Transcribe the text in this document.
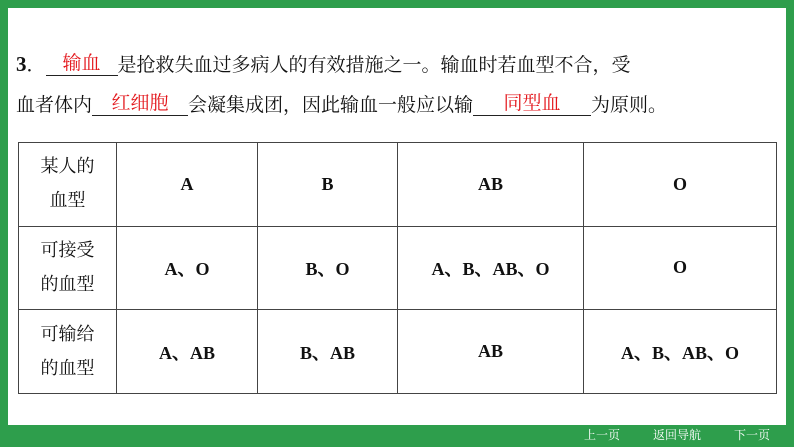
3． 输血 是抢救失血过多病人的有效措施之一。输血时若血型不合，受
血者体内 红细胞 会凝集成团，因此输血一般应以输 同型血 为原则。
某人的
血型	A	B	AB	O
可接受
的血型	A、O	B、O	A、B、AB、O	O
可输给
的血型	A、AB	B、AB	AB	A、B、AB、O
上一页	返回导航	下一页
